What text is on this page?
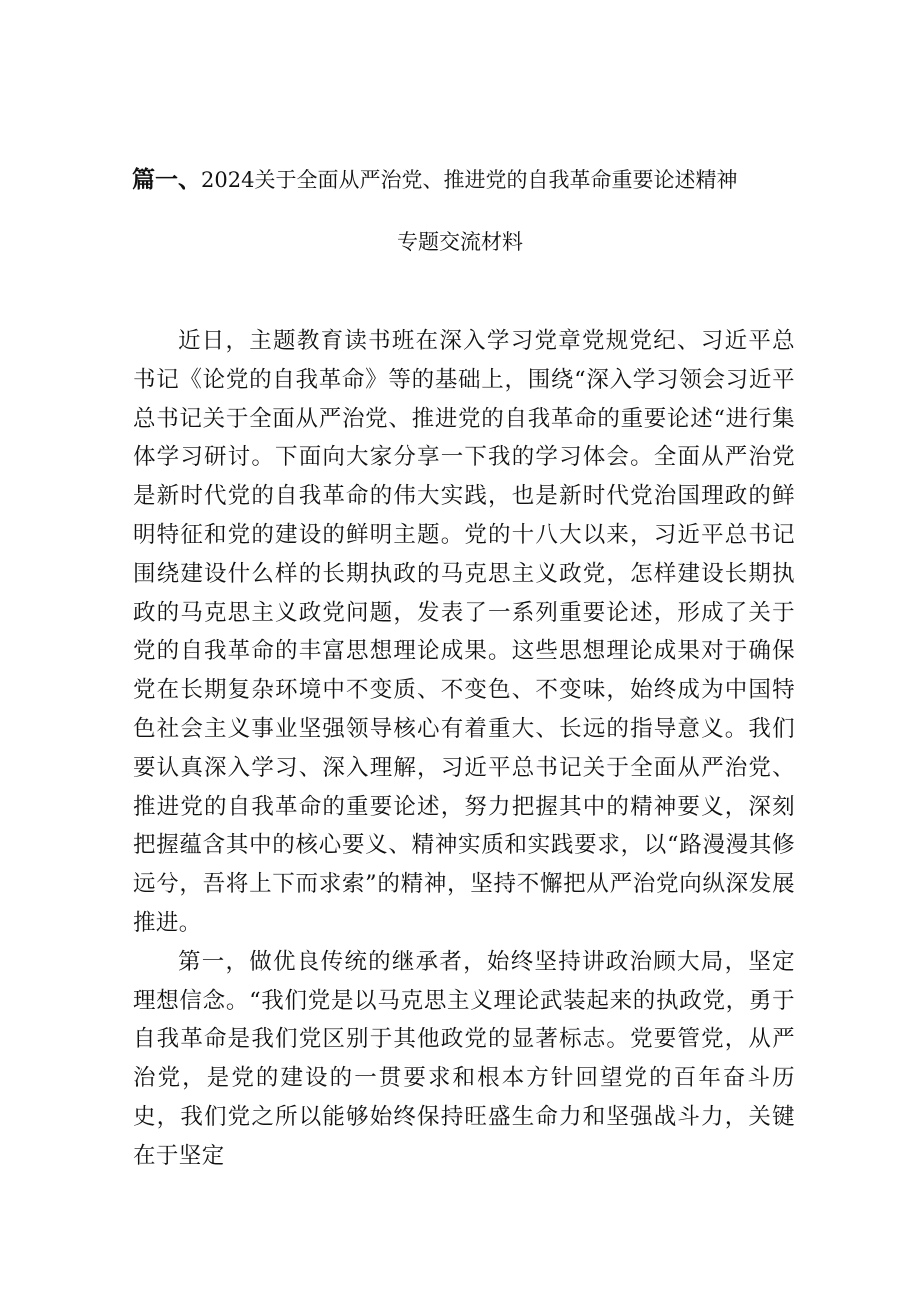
篇一、2024关于全面从严治党、推进党的自我革命重要论述精神
专题交流材料

近日，主题教育读书班在深入学习党章党规党纪、习近平总书记《论党的自我革命》等的基础上，围绕“深入学习领会习近平总书记关于全面从严治党、推进党的自我革命的重要论述“进行集体学习研讨。下面向大家分享一下我的学习体会。全面从严治党是新时代党的自我革命的伟大实践，也是新时代党治国理政的鲜明特征和党的建设的鲜明主题。党的十八大以来，习近平总书记围绕建设什么样的长期执政的马克思主义政党，怎样建设长期执政的马克思主义政党问题，发表了一系列重要论述，形成了关于党的自我革命的丰富思想理论成果。这些思想理论成果对于确保党在长期复杂环境中不变质、不变色、不变味，始终成为中国特色社会主义事业坚强领导核心有着重大、长远的指导意义。我们要认真深入学习、深入理解，习近平总书记关于全面从严治党、推进党的自我革命的重要论述，努力把握其中的精神要义，深刻把握蕴含其中的核心要义、精神实质和实践要求，以“路漫漫其修远兮，吾将上下而求索”的精神，坚持不懈把从严治党向纵深发展推进。

第一，做优良传统的继承者，始终坚持讲政治顾大局，坚定理想信念。“我们党是以马克思主义理论武装起来的执政党，勇于自我革命是我们党区别于其他政党的显著标志。党要管党，从严治党，是党的建设的一贯要求和根本方针回望党的百年奋斗历史，我们党之所以能够始终保持旺盛生命力和坚强战斗力，关键在于坚定
